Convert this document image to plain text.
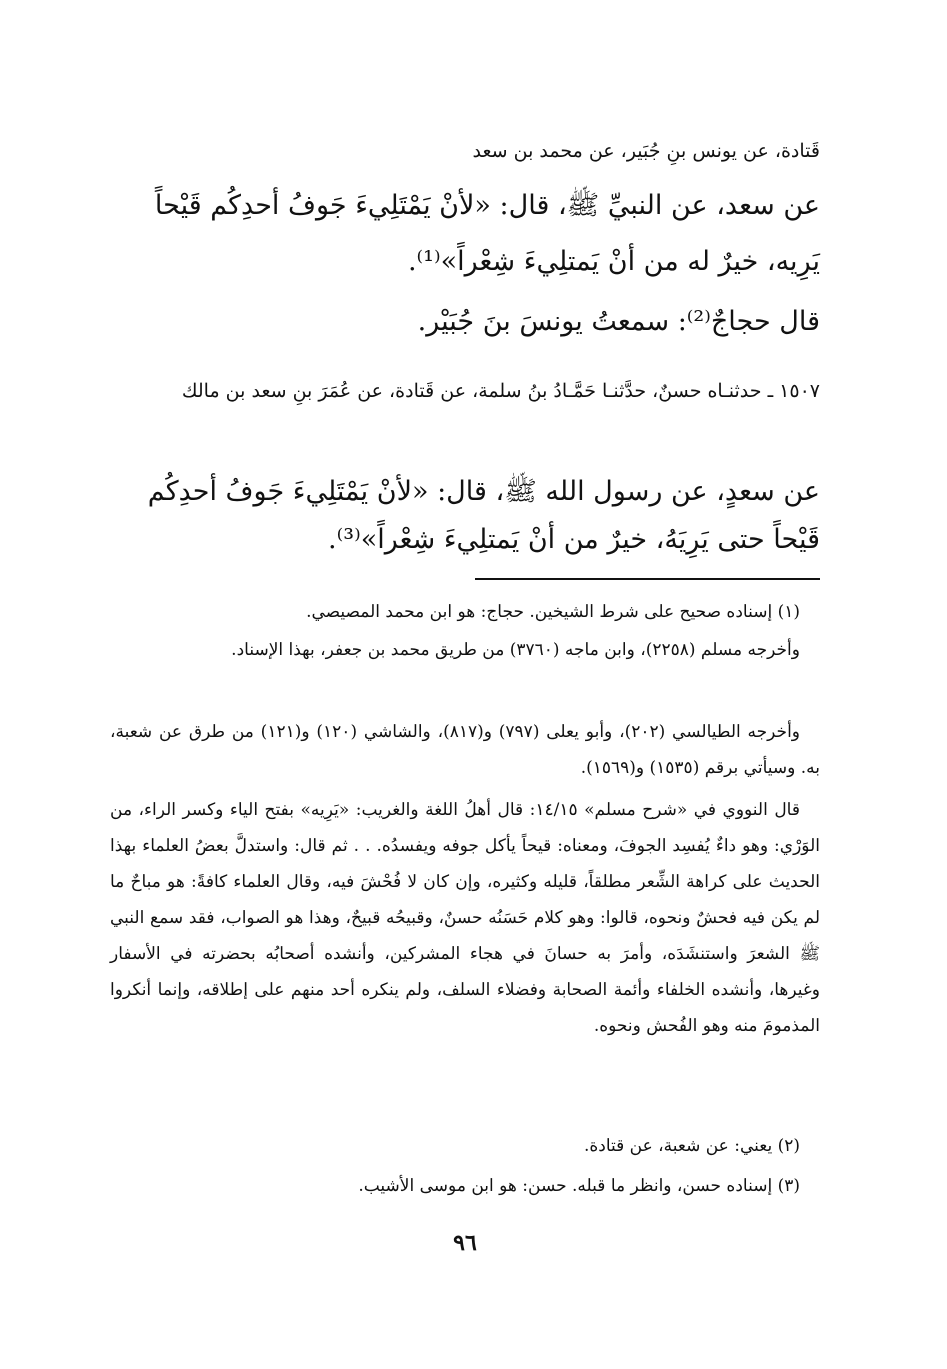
قَتادة، عن يونس بنِ جُبَير، عن محمد بن سعد
عن سعد، عن النبيِّ ﷺ، قال: «لأنْ يَمْتَلِيءَ جَوفُ أحدِكُم قَيْحاً
يَرِيه، خيرٌ له من أنْ يَمتلِيءَ شِعْراً»⁽¹⁾.
قال حجاجٌ⁽²⁾: سمعتُ يونسَ بنَ جُبَيْر.
١٥٠٧ ـ حدثنـاه حسنٌ، حدَّثنـا حَمَّـادُ بنُ سلمة، عن قَتادة، عن عُمَرَ بنِ سعد بن مالك
عن سعدٍ، عن رسول الله ﷺ، قال: «لأنْ يَمْتَلِيءَ جَوفُ أحدِكُم
قَيْحاً حتى يَرِيَهُ، خيرٌ من أنْ يَمتلِيءَ شِعْراً»⁽³⁾.
(١) إسناده صحيح على شرط الشيخين. حجاج: هو ابن محمد المصيصي.
وأخرجه مسلم (٢٢٥٨)، وابن ماجه (٣٧٦٠) من طريق محمد بن جعفر، بهذا الإسناد.
وأخرجه الطيالسي (٢٠٢)، وأبو يعلى (٧٩٧) و(٨١٧)، والشاشي (١٢٠) و(١٢١) من طرق عن شعبة، به. وسيأتي برقم (١٥٣٥) و(١٥٦٩).
قال النووي في «شرح مسلم» ١٤/١٥: قال أهلُ اللغة والغريب: «يَرِيه» بفتح الياء وكسر الراء، من الوَرْي: وهو داءٌ يُفسِد الجوفَ، ومعناه: قيحاً يأكل جوفه ويفسدُه. . . ثم قال: واستدلَّ بعضُ العلماء بهذا الحديث على كراهة الشِّعر مطلقاً، قليله وكثيره، وإن كان لا فُحْشَ فيه، وقال العلماء كافةً: هو مباحٌ ما لم يكن فيه فحشٌ ونحوه، قالوا: وهو كلام حَسَنُه حسنٌ، وقبيحُه قبيحٌ، وهذا هو الصواب، فقد سمع النبي ﷺ الشعرَ واستنشَدَه، وأمرَ به حسانَ في هجاء المشركين، وأنشده أصحابُه بحضرته في الأسفار وغيرها، وأنشده الخلفاء وأئمة الصحابة وفضلاء السلف، ولم ينكره أحد منهم على إطلاقه، وإنما أنكروا المذمومَ منه وهو الفُحش ونحوه.
(٢) يعني: عن شعبة، عن قتادة.
(٣) إسناده حسن، وانظر ما قبله. حسن: هو ابن موسى الأشيب.
٩٦
